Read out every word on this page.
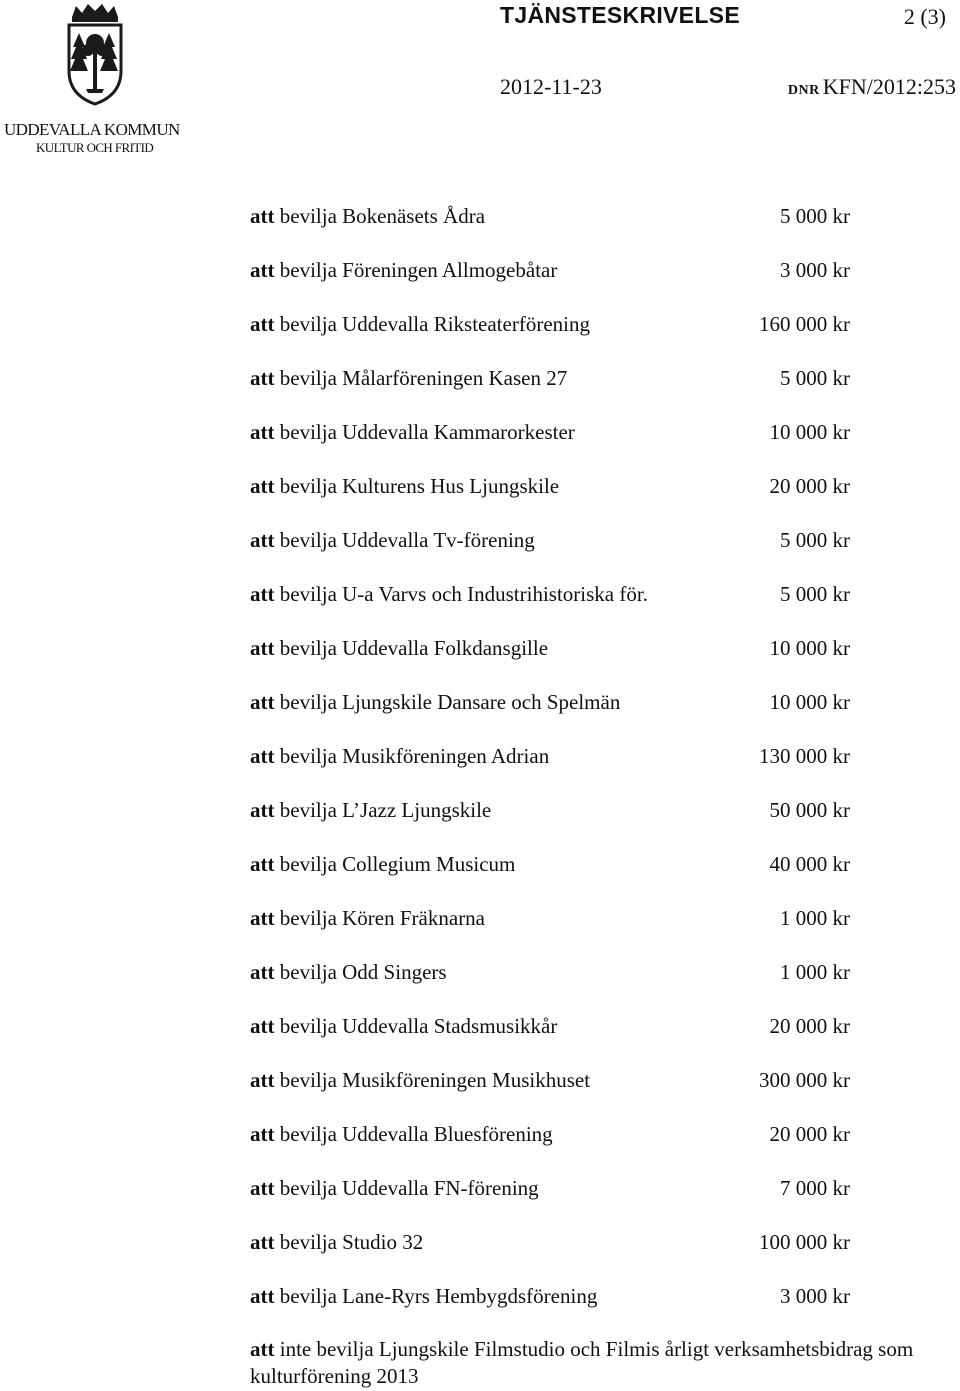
TJÄNSTESKRIVELSE	2 (3)
2012-11-23	DNR KFN/2012:253
UDDEVALLA KOMMUN
KULTUR OCH FRITID
att bevilja Bokenäsets Ådra	5 000 kr
att bevilja Föreningen Allmogebåtar	3 000 kr
att bevilja Uddevalla Riksteaterförening	160 000 kr
att bevilja Målarföreningen Kasen 27	5 000 kr
att bevilja Uddevalla Kammarorkester	10 000 kr
att bevilja Kulturens Hus Ljungskile	20 000 kr
att bevilja Uddevalla Tv-förening	5 000 kr
att bevilja U-a Varvs och Industrihistoriska för.	5 000 kr
att bevilja Uddevalla Folkdansgille	10 000 kr
att bevilja Ljungskile Dansare och Spelmän	10 000 kr
att bevilja Musikföreningen Adrian	130 000 kr
att bevilja L’Jazz Ljungskile	50 000 kr
att bevilja Collegium Musicum	40 000 kr
att bevilja Kören Fräknarna	1 000 kr
att bevilja Odd Singers	1 000 kr
att bevilja Uddevalla Stadsmusikkår	20 000 kr
att bevilja Musikföreningen Musikhuset	300 000 kr
att bevilja Uddevalla Bluesförening	20 000 kr
att bevilja Uddevalla FN-förening	7 000 kr
att bevilja Studio 32	100 000 kr
att bevilja Lane-Ryrs Hembygdsförening	3 000 kr
att inte bevilja Ljungskile Filmstudio och Filmis årligt verksamhetsbidrag som kulturförening 2013
